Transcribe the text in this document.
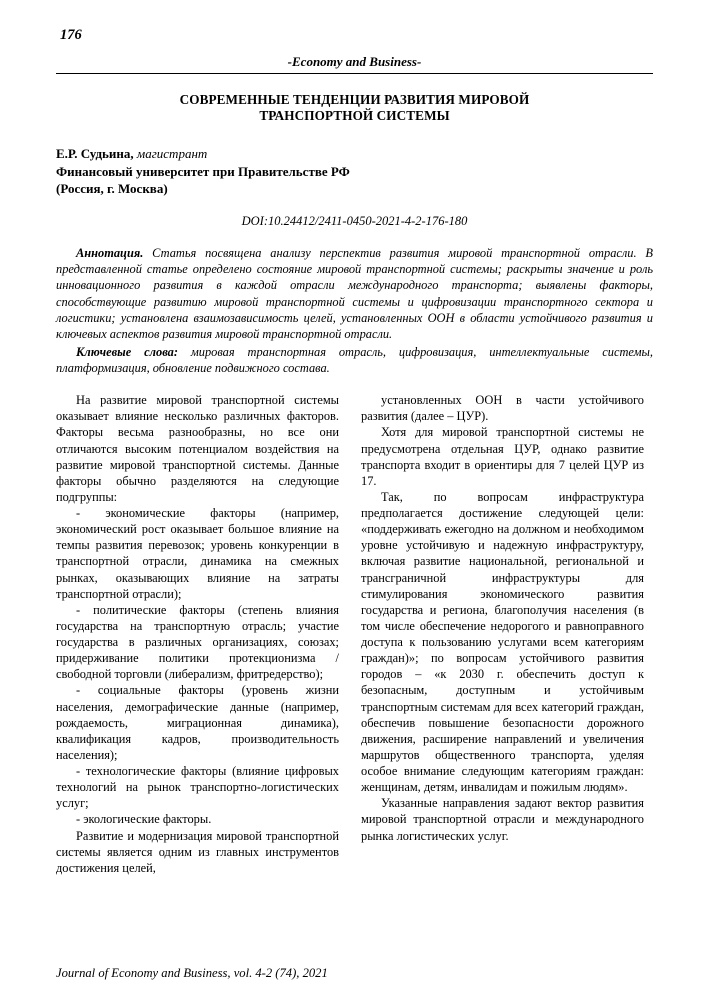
176
-Economy and Business-
СОВРЕМЕННЫЕ ТЕНДЕНЦИИ РАЗВИТИЯ МИРОВОЙ
ТРАНСПОРТНОЙ СИСТЕМЫ

Е.Р. Судьина, магистрант

Финансовый университет при Правительстве РФ

(Россия, г. Москва)

DOI:10.24412/2411-0450-2021-4-2-176-180

Аннотация. Статья посвящена анализу перспектив развития мировой транспортной отрасли. В представленной статье определено состояние мировой транспортной системы; раскрыты значение и роль инновационного развития в каждой отрасли международного транспорта; выявлены факторы, способствующие развитию мировой транспортной системы и цифровизации транспортного сектора и логистики; установлена взаимозависимость целей, установленных ООН в области устойчивого развития и ключевых аспектов развития мировой транспортной отрасли.

Ключевые слова: мировая транспортная отрасль, цифровизация, интеллектуальные системы, платформизация, обновление подвижного состава.

На развитие мировой транспортной системы оказывает влияние несколько различных факторов. Факторы весьма разнообразны, но все они отличаются высоким потенциалом воздействия на развитие мировой транспортной системы. Данные факторы обычно разделяются на следующие подгруппы:

- экономические факторы (например, экономический рост оказывает большое влияние на темпы развития перевозок; уровень конкуренции в транспортной отрасли, динамика на смежных рынках, оказывающих влияние на затраты транспортной отрасли);

- политические факторы (степень влияния государства на транспортную отрасль; участие государства в различных организациях, союзах; придерживание политики протекционизма / свободной торговли (либерализм, фритредерство);

- социальные факторы (уровень жизни населения, демографические данные (например, рождаемость, миграционная динамика), квалификация кадров, производительность населения);

- технологические факторы (влияние цифровых технологий на рынок транспортно-логистических услуг;

- экологические факторы.

Развитие и модернизация мировой транспортной системы является одним из главных инструментов достижения целей,

установленных ООН в части устойчивого развития (далее – ЦУР).

Хотя для мировой транспортной системы не предусмотрена отдельная ЦУР, однако развитие транспорта входит в ориентиры для 7 целей ЦУР из 17.

Так, по вопросам инфраструктура предполагается достижение следующей цели: «поддерживать ежегодно на должном и необходимом уровне устойчивую и надежную инфраструктуру, включая развитие национальной, региональной и трансграничной инфраструктуры для стимулирования экономического развития государства и региона, благополучия населения (в том числе обеспечение недорогого и равноправного доступа к пользованию услугами всем категориям граждан)»; по вопросам устойчивого развития городов – «к 2030 г. обеспечить доступ к безопасным, доступным и устойчивым транспортным системам для всех категорий граждан, обеспечив повышение безопасности дорожного движения, расширение направлений и увеличения маршрутов общественного транспорта, уделяя особое внимание следующим категориям граждан: женщинам, детям, инвалидам и пожилым людям».

Указанные направления задают вектор развития мировой транспортной отрасли и международного рынка логистических услуг.

Journal of Economy and Business, vol. 4-2 (74), 2021
